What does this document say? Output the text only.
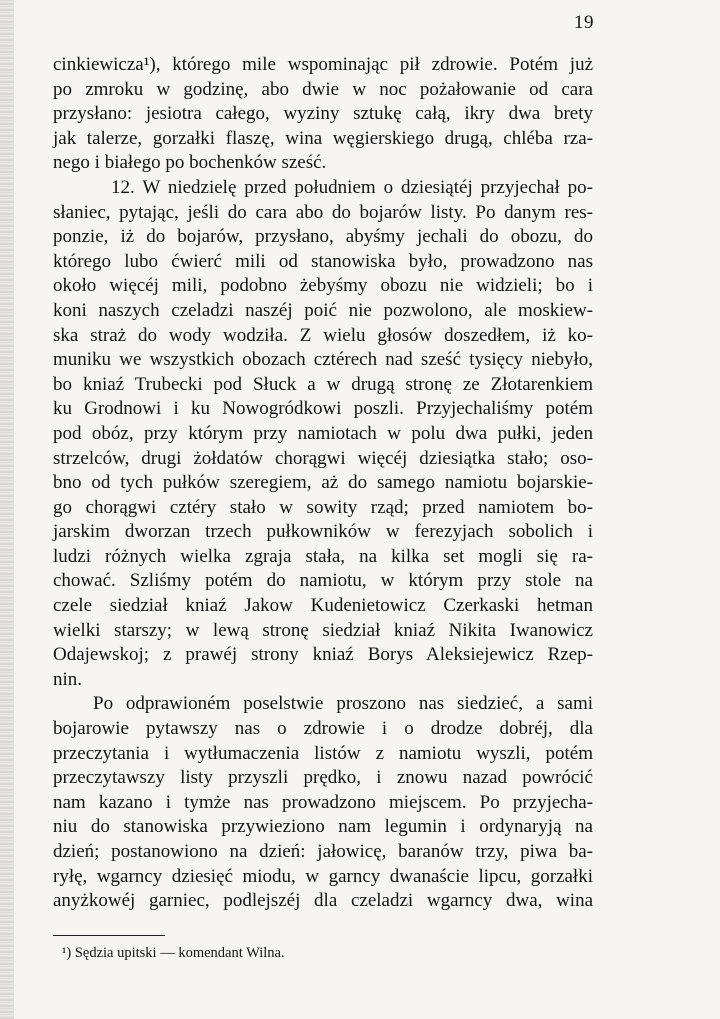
19
cinkiewicza¹), którego mile wspominając pił zdrowie. Potém już
po zmroku w godzinę, abo dwie w noc pożałowanie od cara
przysłano: jesiotra całego, wyziny sztukę całą, ikry dwa brety
jak talerze, gorzałki flaszę, wina węgierskiego drugą, chléba rza-
nego i białego po bochenków sześć.
12. W niedzielę przed południem o dziesiątéj przyjechał po-
słaniec, pytając, jeśli do cara abo do bojarów listy. Po danym res-
ponzie, iż do bojarów, przysłano, abyśmy jechali do obozu, do
którego lubo ćwierć mili od stanowiska było, prowadzono nas
około więcéj mili, podobno żebyśmy obozu nie widzieli; bo i
koni naszych czeladzi naszéj poić nie pozwolono, ale moskiew-
ska straż do wody wodziła. Z wielu głosów doszedłem, iż ko-
muniku we wszystkich obozach cztérech nad sześć tysięcy niebyło,
bo kniaź Trubecki pod Słuck a w drugą stronę ze Złotarenkiem
ku Grodnowi i ku Nowogródkowi poszli. Przyjechaliśmy potém
pod obóz, przy którym przy namiotach w polu dwa pułki, jeden
strzelców, drugi żołdatów chorągwi więcéj dziesiątka stało; oso-
bno od tych pułków szeregiem, aż do samego namiotu bojarskie-
go chorągwi cztéry stało w sowity rząd; przed namiotem bo-
jarskim dworzan trzech pułkowników w ferezyjach sobolich i
ludzi różnych wielka zgraja stała, na kilka set mogli się ra-
chować. Szliśmy potém do namiotu, w którym przy stole na
czele siedział kniaź Jakow Kudenietowicz Czerkaski hetman
wielki starszy; w lewą stronę siedział kniaź Nikita Iwanowicz
Odajewskoj; z prawéj strony kniaź Borys Aleksiejewicz Rzep-
nin.
Po odprawioném poselstwie proszono nas siedzieć, a sami
bojarowie pytawszy nas o zdrowie i o drodze dobréj, dla
przeczytania i wytłumaczenia listów z namiotu wyszli, potém
przeczytawszy listy przyszli prędko, i znowu nazad powrócić
nam kazano i tymże nas prowadzono miejscem. Po przyjecha-
niu do stanowiska przywieziono nam legumin i ordynaryją na
dzień; postanowiono na dzień: jałowicę, baranów trzy, piwa ba-
ryłę, wgarncy dziesięć miodu, w garncy dwanaście lipcu, gorzałki
anyżkowéj garniec, podlejszéj dla czeladzi wgarncy dwa, wina
¹) Sędzia upitski — komendant Wilna.
